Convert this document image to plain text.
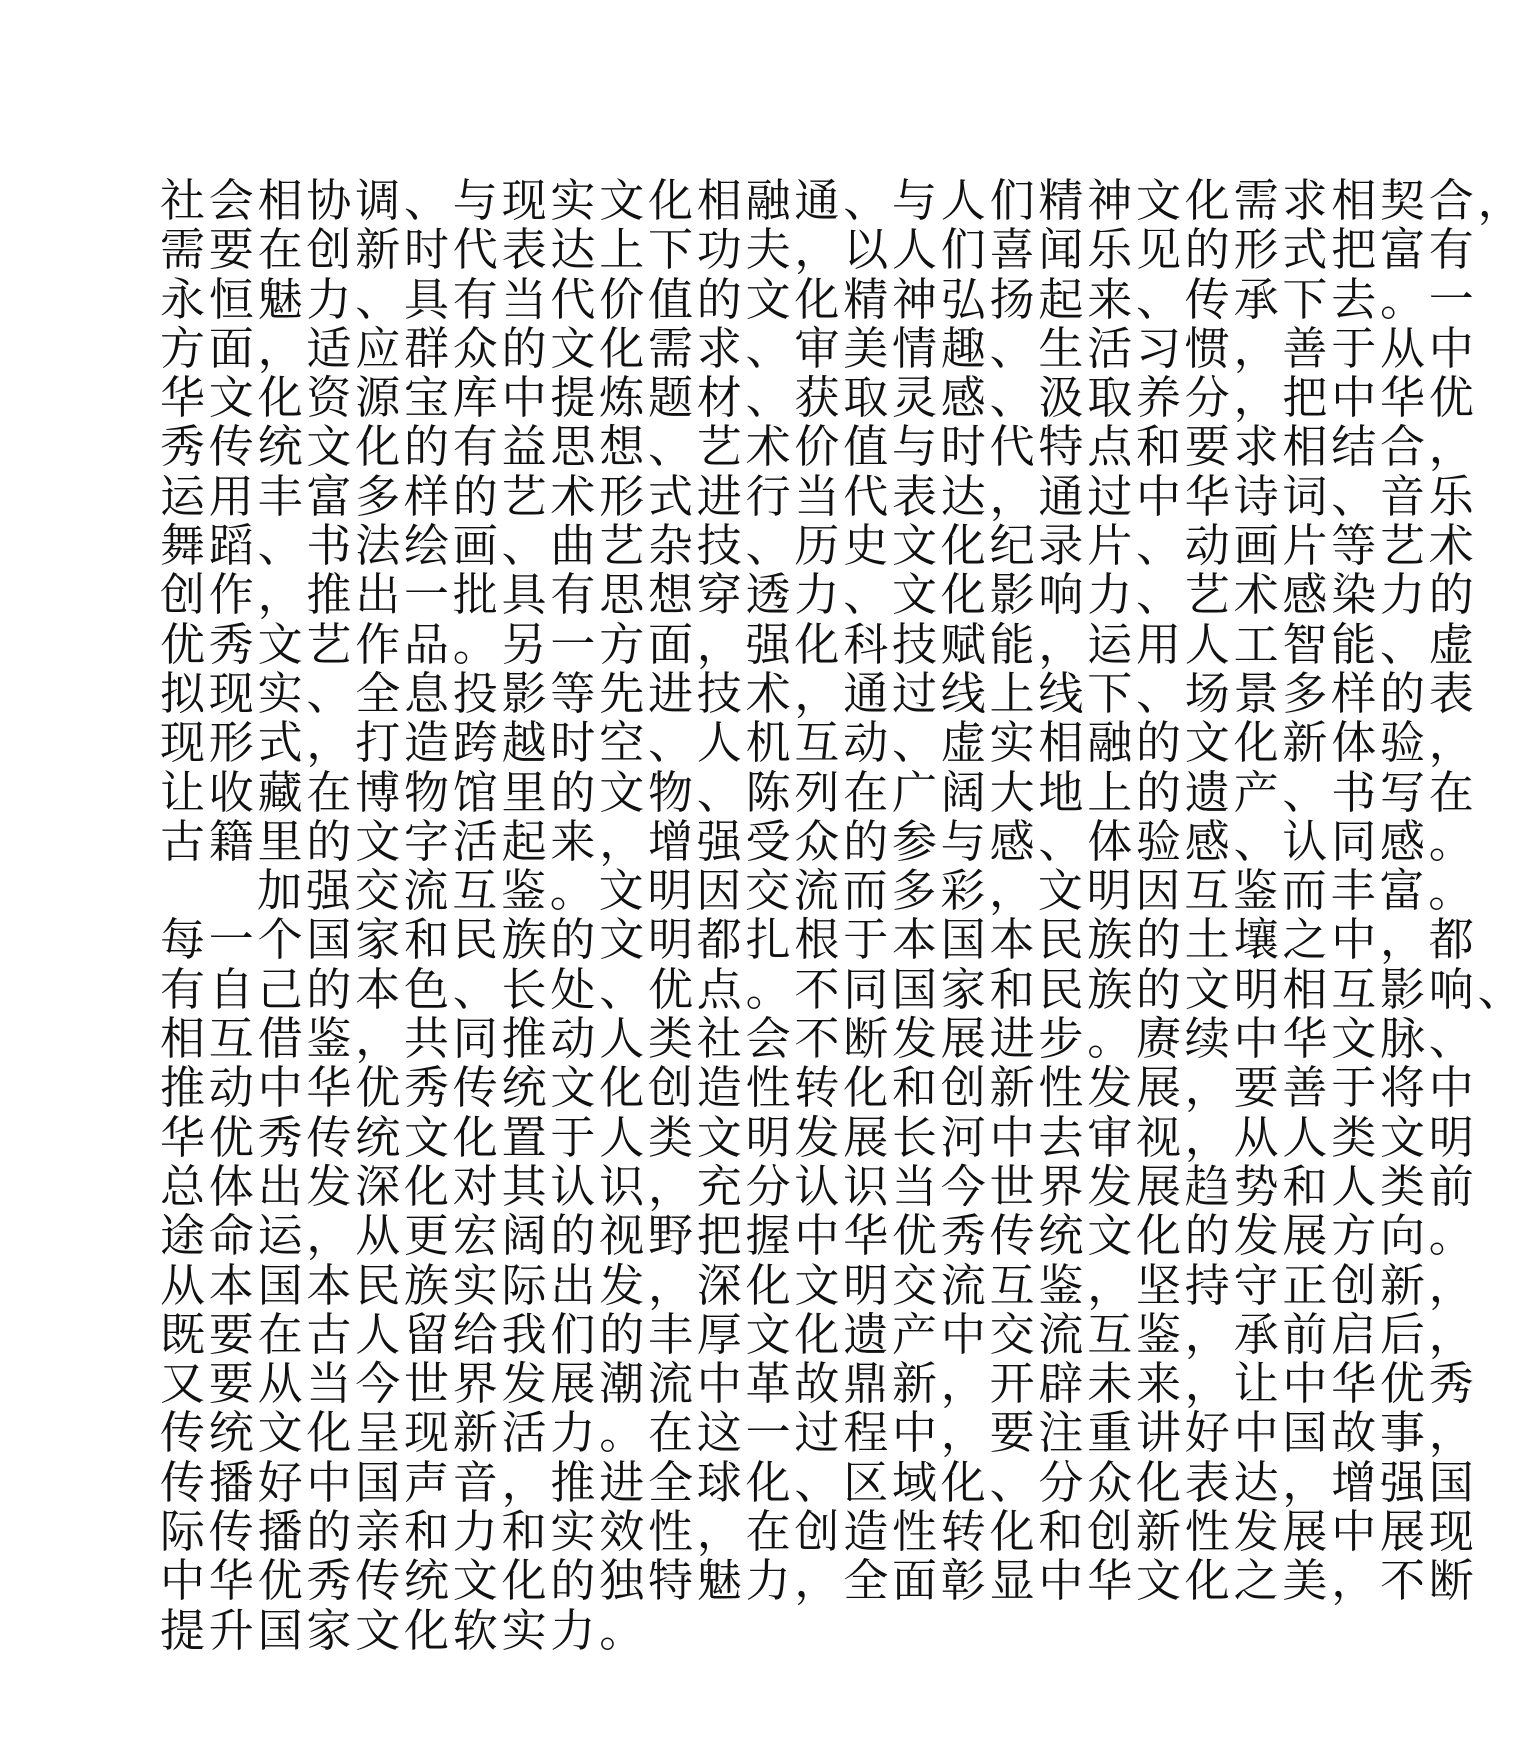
社会相协调、与现实文化相融通、与人们精神文化需求相契合，
需要在创新时代表达上下功夫，以人们喜闻乐见的形式把富有
永恒魅力、具有当代价值的文化精神弘扬起来、传承下去。一
方面，适应群众的文化需求、审美情趣、生活习惯，善于从中
华文化资源宝库中提炼题材、获取灵感、汲取养分，把中华优
秀传统文化的有益思想、艺术价值与时代特点和要求相结合，
运用丰富多样的艺术形式进行当代表达，通过中华诗词、音乐
舞蹈、书法绘画、曲艺杂技、历史文化纪录片、动画片等艺术
创作，推出一批具有思想穿透力、文化影响力、艺术感染力的
优秀文艺作品。另一方面，强化科技赋能，运用人工智能、虚
拟现实、全息投影等先进技术，通过线上线下、场景多样的表
现形式，打造跨越时空、人机互动、虚实相融的文化新体验，
让收藏在博物馆里的文物、陈列在广阔大地上的遗产、书写在
古籍里的文字活起来，增强受众的参与感、体验感、认同感。
加强交流互鉴。文明因交流而多彩，文明因互鉴而丰富。
每一个国家和民族的文明都扎根于本国本民族的土壤之中，都
有自己的本色、长处、优点。不同国家和民族的文明相互影响、
相互借鉴，共同推动人类社会不断发展进步。赓续中华文脉、
推动中华优秀传统文化创造性转化和创新性发展，要善于将中
华优秀传统文化置于人类文明发展长河中去审视，从人类文明
总体出发深化对其认识，充分认识当今世界发展趋势和人类前
途命运，从更宏阔的视野把握中华优秀传统文化的发展方向。
从本国本民族实际出发，深化文明交流互鉴，坚持守正创新，
既要在古人留给我们的丰厚文化遗产中交流互鉴，承前启后，
又要从当今世界发展潮流中革故鼎新，开辟未来，让中华优秀
传统文化呈现新活力。在这一过程中，要注重讲好中国故事，
传播好中国声音，推进全球化、区域化、分众化表达，增强国
际传播的亲和力和实效性，在创造性转化和创新性发展中展现
中华优秀传统文化的独特魅力，全面彰显中华文化之美，不断
提升国家文化软实力。
